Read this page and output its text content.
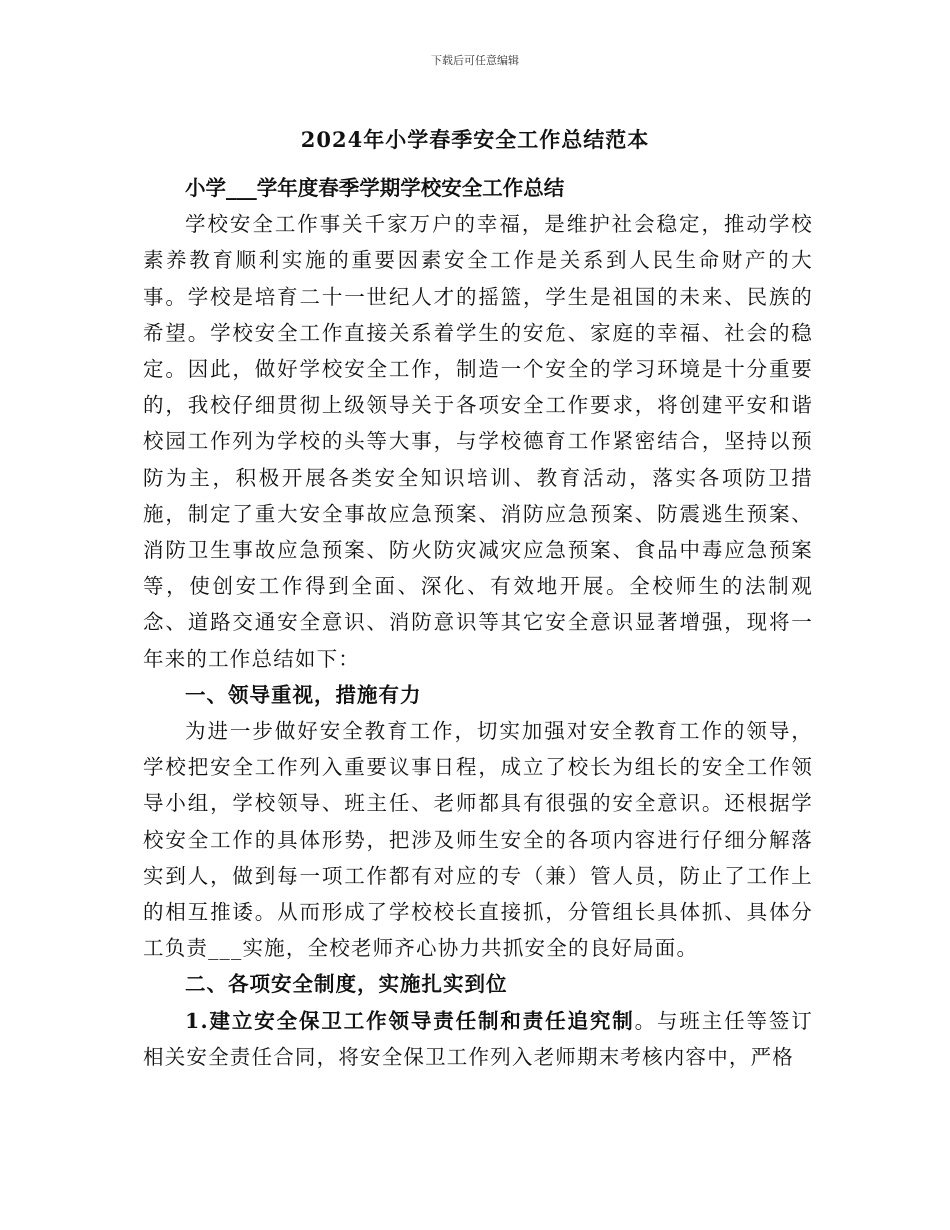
下载后可任意编辑
2024年小学春季安全工作总结范本

小学___学年度春季学期学校安全工作总结

学校安全工作事关千家万户的幸福，是维护社会稳定，推动学校素养教育顺利实施的重要因素安全工作是关系到人民生命财产的大事。学校是培育二十一世纪人才的摇篮，学生是祖国的未来、民族的希望。学校安全工作直接关系着学生的安危、家庭的幸福、社会的稳定。因此，做好学校安全工作，制造一个安全的学习环境是十分重要的，我校仔细贯彻上级领导关于各项安全工作要求，将创建平安和谐校园工作列为学校的头等大事，与学校德育工作紧密结合，坚持以预防为主，积极开展各类安全知识培训、教育活动，落实各项防卫措施，制定了重大安全事故应急预案、消防应急预案、防震逃生预案、消防卫生事故应急预案、防火防灾减灾应急预案、食品中毒应急预案等，使创安工作得到全面、深化、有效地开展。全校师生的法制观念、道路交通安全意识、消防意识等其它安全意识显著增强，现将一年来的工作总结如下：

一、领导重视，措施有力

为进一步做好安全教育工作，切实加强对安全教育工作的领导，学校把安全工作列入重要议事日程，成立了校长为组长的安全工作领导小组，学校领导、班主任、老师都具有很强的安全意识。还根据学校安全工作的具体形势，把涉及师生安全的各项内容进行仔细分解落实到人，做到每一项工作都有对应的专（兼）管人员，防止了工作上的相互推诿。从而形成了学校校长直接抓，分管组长具体抓、具体分工负责___实施，全校老师齐心协力共抓安全的良好局面。

二、各项安全制度，实施扎实到位

1.建立安全保卫工作领导责任制和责任追究制。与班主任等签订相关安全责任合同，将安全保卫工作列入老师期末考核内容中，严格
